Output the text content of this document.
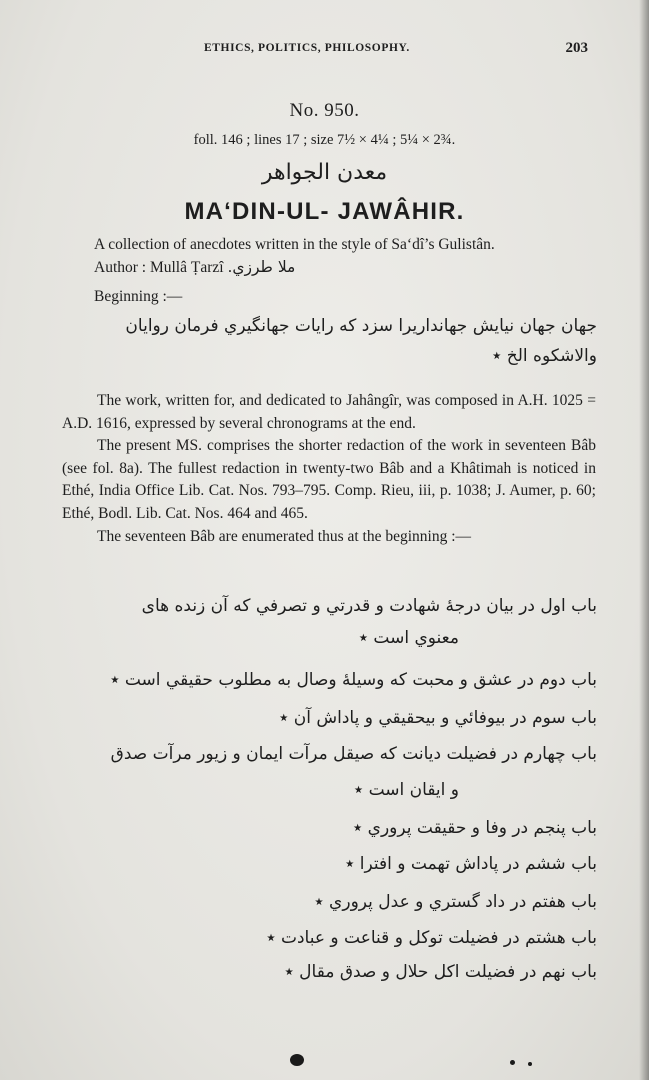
ETHICS, POLITICS, PHILOSOPHY.	203
No. 950.
foll. 146 ; lines 17 ; size 7½ × 4¼ ; 5¼ × 2¾.
معدن الجواهر
MA‘DIN-UL- JAWÂHIR.
A collection of anecdotes written in the style of Sa‘dî’s Gulistân.
Author : Mullâ Ṭarzî ملا طرزي.
Beginning :—
جهان جهان نيايش جهانداريرا سزد كه رايات جهانگيري فرمان روايان
والاشكوه الخ ٭

The work, written for, and dedicated to Jahângîr, was composed in A.H. 1025 = A.D. 1616, expressed by several chronograms at the end.

The present MS. comprises the shorter redaction of the work in seventeen Bâb (see fol. 8a). The fullest redaction in twenty-two Bâb and a Khâtimah is noticed in Ethé, India Office Lib. Cat. Nos. 793–795. Comp. Rieu, iii, p. 1038; J. Aumer, p. 60; Ethé, Bodl. Lib. Cat. Nos. 464 and 465.

The seventeen Bâb are enumerated thus at the beginning :—

باب اول در بيان درجهٔ شهادت و قدرتي و تصرفي كه آن زنده هاى
معنوي است ٭
باب دوم در عشق و محبت كه وسيلهٔ وصال به مطلوب حقيقي است ٭
باب سوم در بيوفائي و بيحقيقي و پاداش آن ٭
باب چهارم در فضيلت ديانت كه صيقل مرآت ايمان و زيور مرآت صدق
و ايقان است ٭
باب پنجم در وفا و حقيقت پروري ٭
باب ششم در پاداش تهمت و افترا ٭
باب هفتم در داد گستري و عدل پروري ٭
باب هشتم در فضيلت توكل و قناعت و عبادت ٭
باب نهم در فضيلت اكل حلال و صدق مقال ٭
